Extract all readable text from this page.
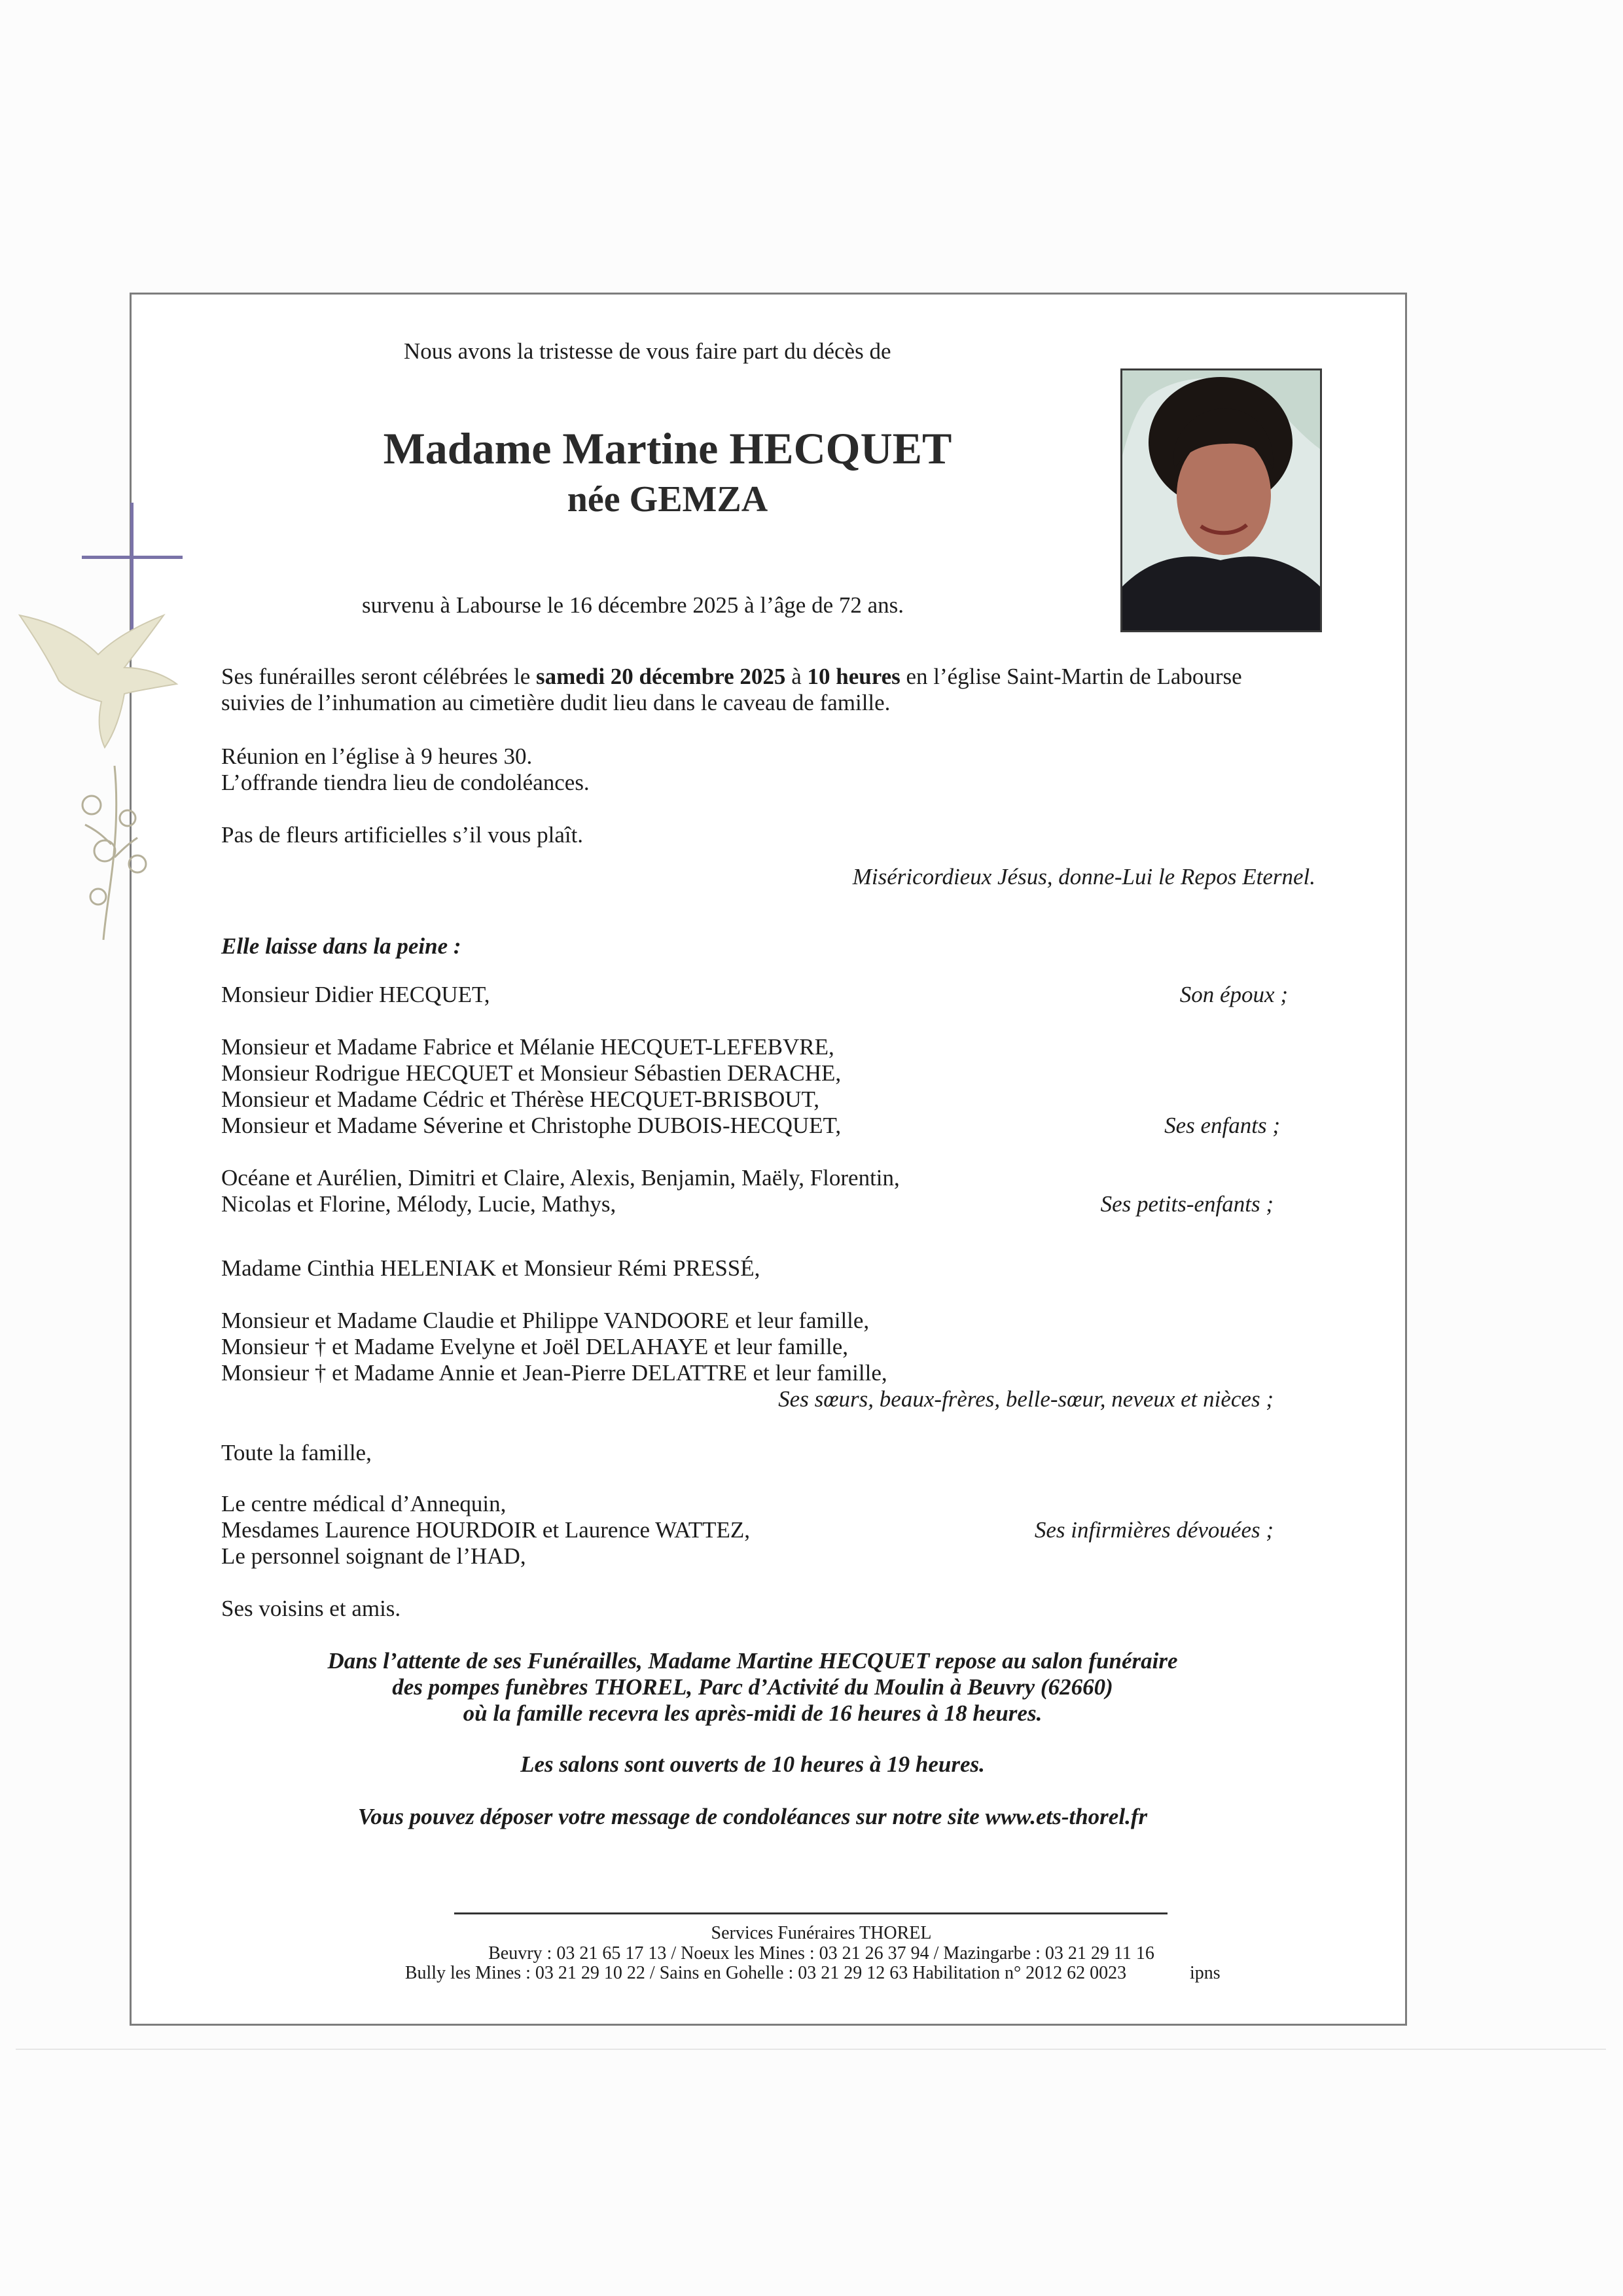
Nous avons la tristesse de vous faire part du décès de

Madame Martine HECQUET

née GEMZA

survenu à Labourse le 16 décembre 2025 à l’âge de 72 ans.

Ses funérailles seront célébrées le samedi 20 décembre 2025 à 10 heures en l’église Saint-Martin de Labourse

suivies de l’inhumation au cimetière dudit lieu dans le caveau de famille.

Réunion en l’église à 9 heures 30.

L’offrande tiendra lieu de condoléances.

Pas de fleurs artificielles s’il vous plaît.

Miséricordieux Jésus, donne-Lui le Repos Eternel.

Elle laisse dans la peine :

Monsieur Didier HECQUET,	Son époux ;
Monsieur et Madame Fabrice et Mélanie HECQUET-LEFEBVRE,
Monsieur Rodrigue HECQUET et Monsieur Sébastien DERACHE,
Monsieur et Madame Cédric et Thérèse HECQUET-BRISBOUT,
Monsieur et Madame Séverine et Christophe DUBOIS-HECQUET,	Ses enfants ;
Océane et Aurélien, Dimitri et Claire, Alexis, Benjamin, Maëly, Florentin,
Nicolas et Florine, Mélody, Lucie, Mathys,	Ses petits-enfants ;

Madame Cinthia HELENIAK et Monsieur Rémi PRESSÉ,

Monsieur et Madame Claudie et Philippe VANDOORE et leur famille,
Monsieur † et Madame Evelyne et Joël DELAHAYE et leur famille,
Monsieur † et Madame Annie et Jean-Pierre DELATTRE et leur famille,
Ses sœurs, beaux-frères, belle-sœur, neveux et nièces ;

Toute la famille,

Le centre médical d’Annequin,
Mesdames Laurence HOURDOIR et Laurence WATTEZ,
Le personnel soignant de l’HAD,
Ses infirmières dévouées ;

Ses voisins et amis.

Dans l’attente de ses Funérailles, Madame Martine HECQUET repose au salon funéraire

des pompes funèbres THOREL, Parc d’Activité du Moulin à Beuvry (62660)

où la famille recevra les après-midi de 16 heures à 18 heures.

Les salons sont ouverts de 10 heures à 19 heures.

Vous pouvez déposer votre message de condoléances sur notre site www.ets-thorel.fr

Services Funéraires THOREL

Beuvry : 03 21 65 17 13 / Noeux les Mines : 03 21 26 37 94 / Mazingarbe : 03 21 29 11 16

Bully les Mines : 03 21 29 10 22 / Sains en Gohelle : 03 21 29 12 63 Habilitation n° 2012 62 0023	ipns
